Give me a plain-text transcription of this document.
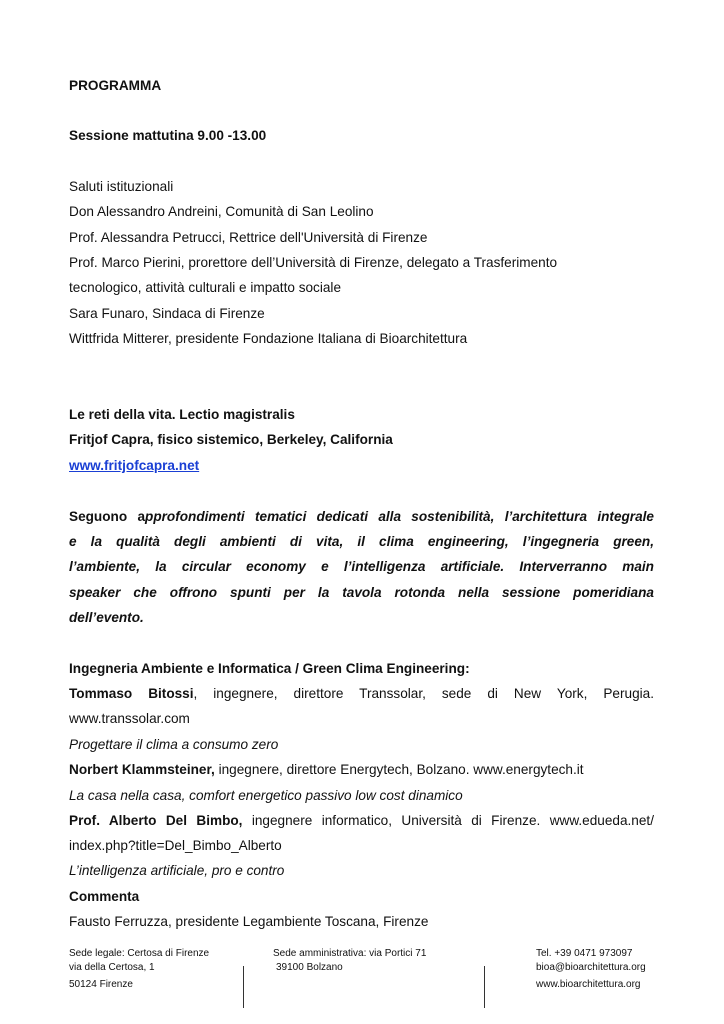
PROGRAMMA
Sessione mattutina 9.00 -13.00
Saluti istituzionali
Don Alessandro Andreini, Comunità di San Leolino
Prof. Alessandra Petrucci, Rettrice dell'Università di Firenze
Prof. Marco Pierini, prorettore dell’Università di Firenze, delegato a Trasferimento
tecnologico, attività culturali e impatto sociale
Sara Funaro, Sindaca di Firenze
Wittfrida Mitterer, presidente Fondazione Italiana di Bioarchitettura
Le reti della vita. Lectio magistralis
Fritjof Capra, fisico sistemico, Berkeley, California
www.fritjofcapra.net
Seguono approfondimenti tematici dedicati alla sostenibilità, l’architettura integrale
e la qualità degli ambienti di vita, il clima engineering, l’ingegneria green,
l’ambiente, la circular economy e l’intelligenza artificiale. Interverranno main
speaker che offrono spunti per la tavola rotonda nella sessione pomeridiana
dell’evento.
Ingegneria Ambiente e Informatica / Green Clima Engineering:
Tommaso Bitossi, ingegnere, direttore Transsolar, sede di New York, Perugia.
www.transsolar.com
Progettare il clima a consumo zero
Norbert Klammsteiner, ingegnere, direttore Energytech, Bolzano. www.energytech.it
La casa nella casa, comfort energetico passivo low cost dinamico
Prof. Alberto Del Bimbo, ingegnere informatico, Università di Firenze. www.edueda.net/
index.php?title=Del_Bimbo_Alberto
L’intelligenza artificiale, pro e contro
Commenta
Fausto Ferruzza, presidente Legambiente Toscana, Firenze
Sede legale: Certosa di Firenze
via della Certosa, 1
50124 Firenze
Sede amministrativa: via Portici 71
39100 Bolzano
Tel. +39 0471 973097
bioa@bioarchitettura.org
www.bioarchitettura.org
